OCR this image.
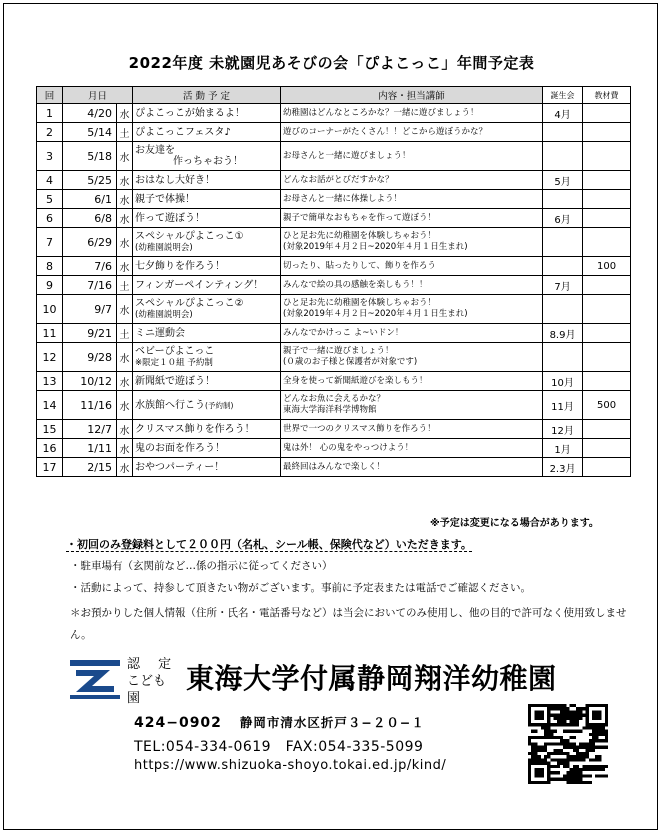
2022年度 未就園児あそびの会「ぴよこっこ」年間予定表
回	月日		活 動 予 定	内容・担当講師	誕生会	教材費
1	4/20	水	ぴよこっこが始まるよ！	幼稚園はどんなところかな？一緒に遊びましょう！	4月	
2	5/14	土	ぴよこっこフェスタ♪	遊びのコーナーがたくさん！！どこから遊ぼうかな？		
3	5/18	水	お友達を
作っちゃおう！	お母さんと一緒に遊びましょう！		
4	5/25	水	おはなし大好き！	どんなお話がとびだすかな？	5月	
5	6/1	水	親子で体操！	お母さんと一緒に体操しよう！		
6	6/8	水	作って遊ぼう！	親子で簡単なおもちゃを作って遊ぼう！	6月	
7	6/29	水	スペシャルぴよこっこ①
(幼稚園説明会)	ひと足お先に幼稚園を体験しちゃおう！
(対象2019年４月２日~2020年４月１日生まれ)		
8	7/6	水	七夕飾りを作ろう！	切ったり、貼ったりして、飾りを作ろう		100
9	7/16	土	フィンガーペインティング！	みんなで絵の具の感触を楽しもう！！	7月	
10	9/7	水	スペシャルぴよこっこ②
(幼稚園説明会)	ひと足お先に幼稚園を体験しちゃおう！
(対象2019年４月２日~2020年４月１日生まれ)		
11	9/21	土	ミニ運動会	みんなでかけっこ よ~いドン！	8.9月	
12	9/28	水	ベビーぴよこっこ
※限定１０組 予約制	親子で一緒に遊びましょう！
(０歳のお子様と保護者が対象です)		
13	10/12	水	新聞紙で遊ぼう！	全身を使って新聞紙遊びを楽しもう！	10月	
14	11/16	水	水族館へ行こう(予約制)	どんなお魚に会えるかな？
東海大学海洋科学博物館	11月	500
15	12/7	水	クリスマス飾りを作ろう！	世界で一つのクリスマス飾りを作ろう！	12月	
16	1/11	水	鬼のお面を作ろう！	鬼は外！ 心の鬼をやっつけよう！	1月	
17	2/15	水	おやつパーティー！	最終回はみんなで楽しく！	2.3月	
※予定は変更になる場合があります。
・初回のみ登録料として２００円（名札、シール帳、保険代など）いただきます。
・駐車場有（玄関前など…係の指示に従ってください）
・活動によって、持参して頂きたい物がございます。事前に予定表または電話でご確認ください。
＊お預かりした個人情報（住所・氏名・電話番号など）は当会においてのみ使用し、他の目的で許可なく使用致しません。
認 定
こども 園
東海大学付属静岡翔洋幼稚園
424−0902 静岡市清水区折戸３−２０−１
TEL:054-334-0619　FAX:054-335-5099
https://www.shizuoka-shoyo.tokai.ed.jp/kind/
